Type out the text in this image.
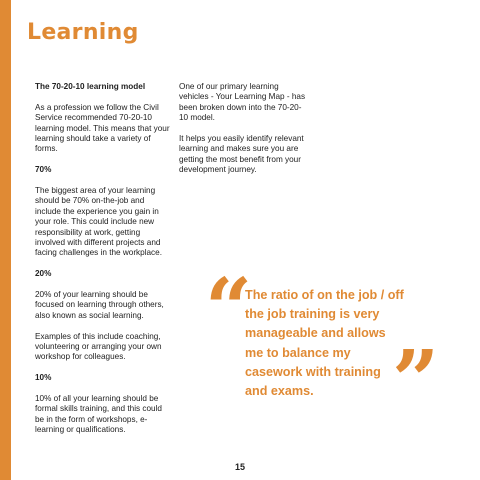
Learning

The 70-20-10 learning model

As a profession we follow the Civil Service recommended 70-20-10 learning model. This means that your learning should take a variety of forms.

70%

The biggest area of your learning should be 70% on-the-job and include the experience you gain in your role. This could include new responsibility at work, getting involved with different projects and facing challenges in the workplace.

20%

20% of your learning should be focused on learning through others, also known as social learning.

Examples of this include coaching, volunteering or arranging your own workshop for colleagues.

10%

10% of all your learning should be formal skills training, and this could be in the form of workshops, e-learning or qualifications.

One of our primary learning vehicles - Your Learning Map - has been broken down into the 70-20-10 model.

It helps you easily identify relevant learning and makes sure you are getting the most benefit from your development journey.

“
The ratio of on the job / off the job training is very manageable and allows me to balance my casework with training and exams. ”
15
